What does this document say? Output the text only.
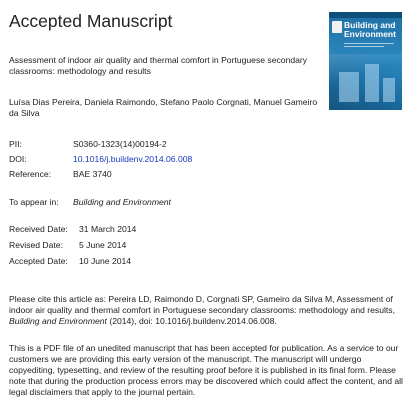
Accepted Manuscript	Building and Environment
Assessment of indoor air quality and thermal comfort in Portuguese secondary classrooms: methodology and results
Luísa Dias Pereira, Daniela Raimondo, Stefano Paolo Corgnati, Manuel Gameiro da Silva
PII:	S0360-1323(14)00194-2
DOI:	10.1016/j.buildenv.2014.06.008
Reference:	BAE 3740
To appear in: Building and Environment
Received Date: 31 March 2014
Revised Date: 5 June 2014
Accepted Date: 10 June 2014
Please cite this article as: Pereira LD, Raimondo D, Corgnati SP, Gameiro da Silva M, Assessment of indoor air quality and thermal comfort in Portuguese secondary classrooms: methodology and results, Building and Environment (2014), doi: 10.1016/j.buildenv.2014.06.008.
This is a PDF file of an unedited manuscript that has been accepted for publication. As a service to our customers we are providing this early version of the manuscript. The manuscript will undergo copyediting, typesetting, and review of the resulting proof before it is published in its final form. Please note that during the production process errors may be discovered which could affect the content, and all legal disclaimers that apply to the journal pertain.
